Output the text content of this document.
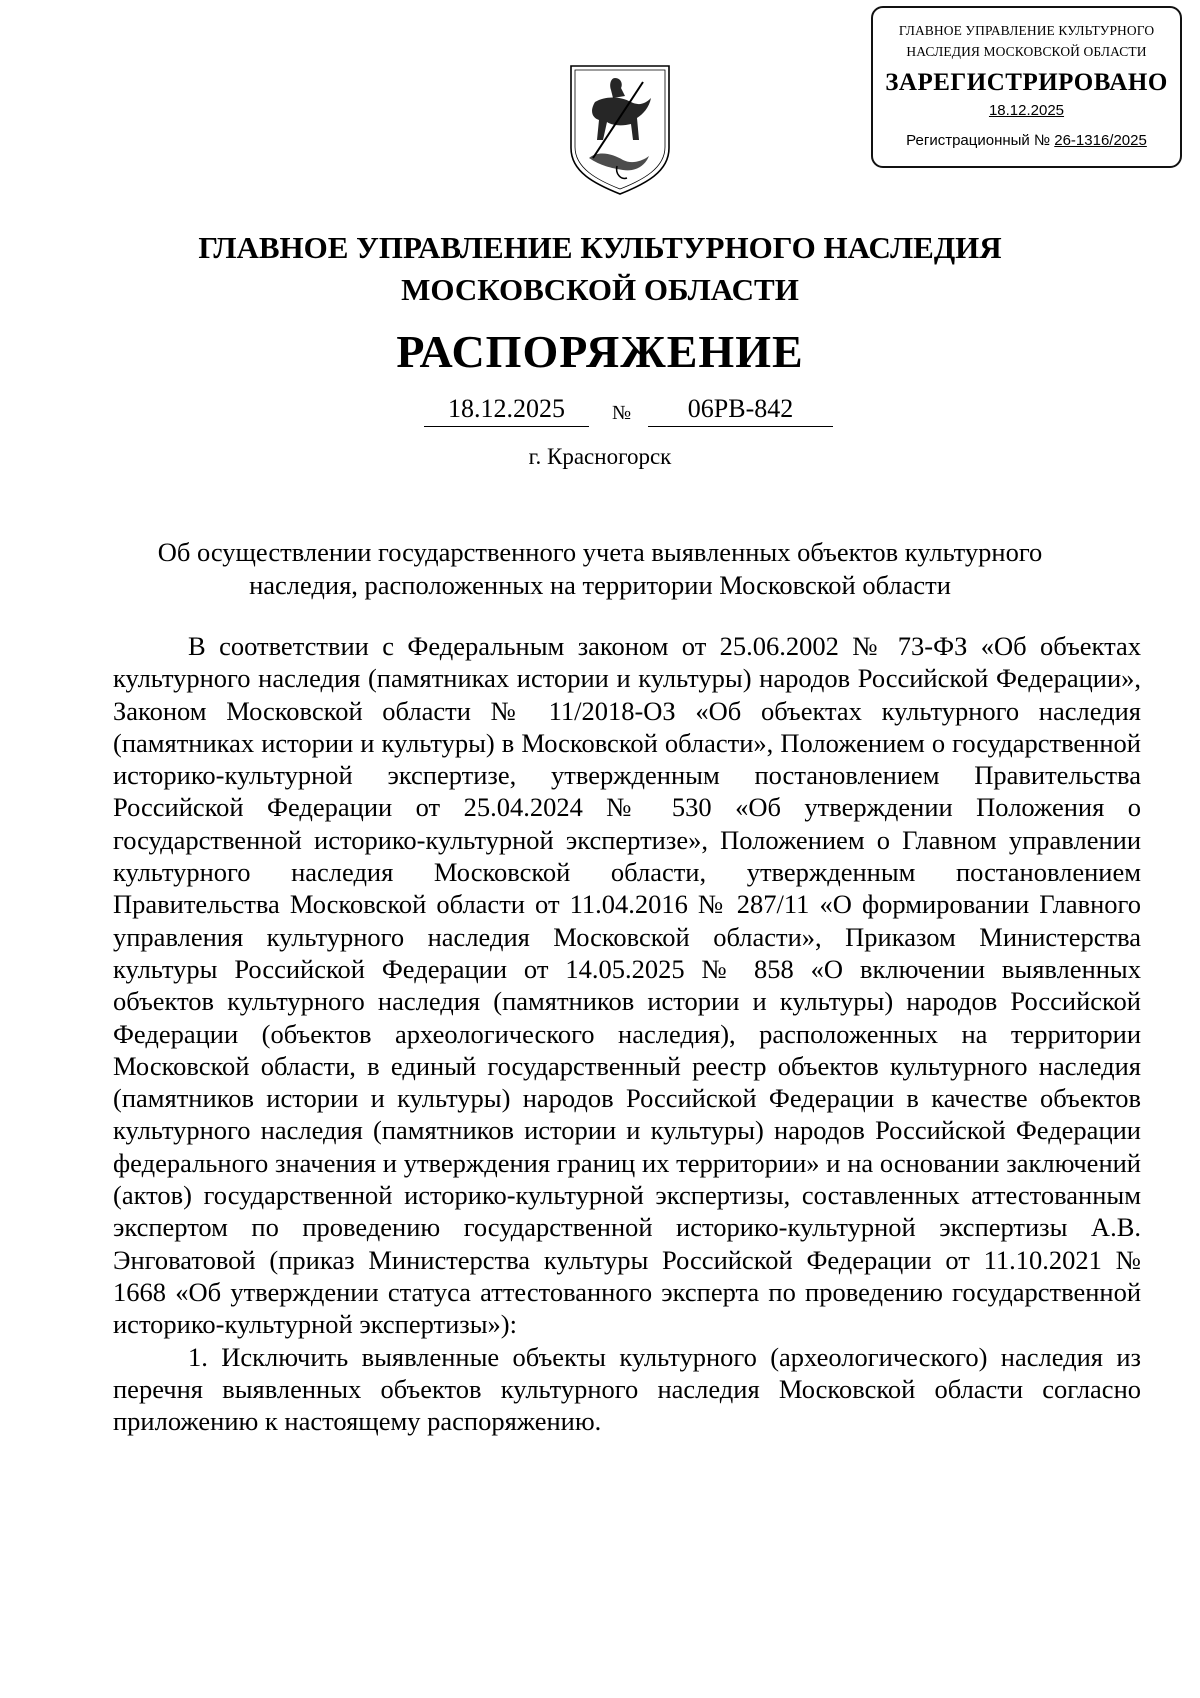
ГЛАВНОЕ УПРАВЛЕНИЕ КУЛЬТУРНОГО
НАСЛЕДИЯ МОСКОВСКОЙ ОБЛАСТИ
ЗАРЕГИСТРИРОВАНО
18.12.2025
Регистрационный № 26-1316/2025
ГЛАВНОЕ УПРАВЛЕНИЕ КУЛЬТУРНОГО НАСЛЕДИЯ
МОСКОВСКОЙ ОБЛАСТИ
РАСПОРЯЖЕНИЕ
18.12.2025	№	06РВ-842
г. Красногорск
Об осуществлении государственного учета выявленных объектов культурного наследия, расположенных на территории Московской области

В соответствии с Федеральным законом от 25.06.2002 № 73-ФЗ «Об объектах культурного наследия (памятниках истории и культуры) народов Российской Федерации», Законом Московской области № 11/2018-ОЗ «Об объектах культурного наследия (памятниках истории и культуры) в Московской области», Положением о государственной историко-культурной экспертизе, утвержденным постановлением Правительства Российской Федерации от 25.04.2024 № 530 «Об утверждении Положения о государственной историко-культурной экспертизе», Положением о Главном управлении культурного наследия Московской области, утвержденным постановлением Правительства Московской области от 11.04.2016 № 287/11 «О формировании Главного управления культурного наследия Московской области», Приказом Министерства культуры Российской Федерации от 14.05.2025 № 858 «О включении выявленных объектов культурного наследия (памятников истории и культуры) народов Российской Федерации (объектов археологического наследия), расположенных на территории Московской области, в единый государственный реестр объектов культурного наследия (памятников истории и культуры) народов Российской Федерации в качестве объектов культурного наследия (памятников истории и культуры) народов Российской Федерации федерального значения и утверждения границ их территории» и на основании заключений (актов) государственной историко-культурной экспертизы, составленных аттестованным экспертом по проведению государственной историко-культурной экспертизы А.В. Энговатовой (приказ Министерства культуры Российской Федерации от 11.10.2021 № 1668 «Об утверждении статуса аттестованного эксперта по проведению государственной историко-культурной экспертизы»):

1. Исключить выявленные объекты культурного (археологического) наследия из перечня выявленных объектов культурного наследия Московской области согласно приложению к настоящему распоряжению.
